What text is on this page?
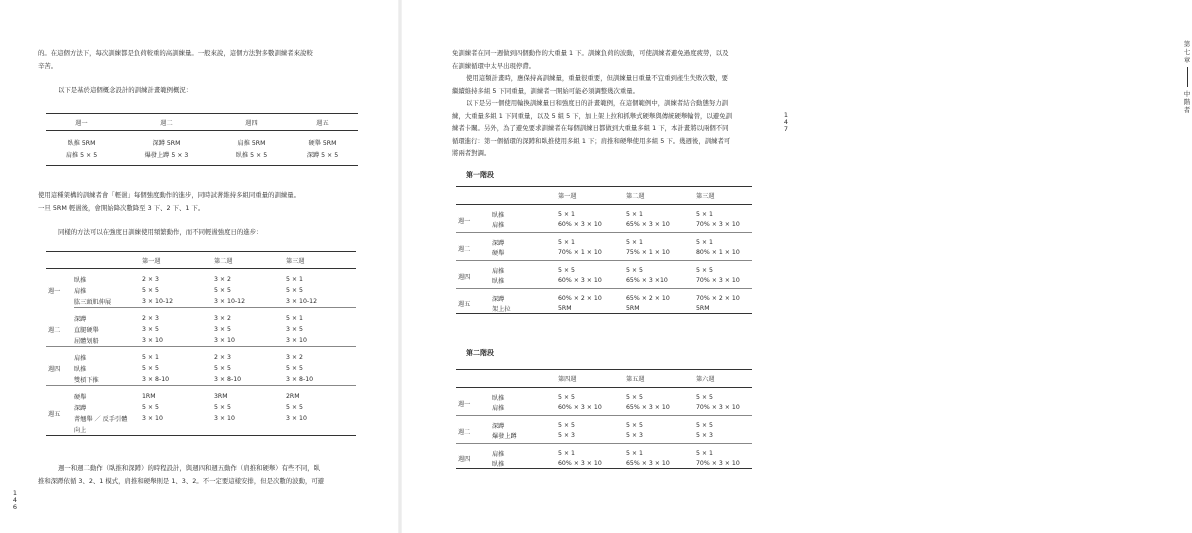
的。在這個方法下，每次訓練都是負荷較重的高訓練量。一般來說，這個方法對多數訓練者來說較
辛苦。

以下是基於這個概念設計的訓練計畫範例概況：

週一	週二	週四	週五
臥推 5RM	深蹲 5RM	肩推 5RM	硬舉 5RM
肩推 5 × 5	爆發上蹲 5 × 3	臥推 5 × 5	深蹲 5 × 5

使用這種架構的訓練者會「輕盪」每個強度動作的進步，同時試著維持多組同重量的訓練量。
一旦 5RM 輕盪後，會開始降次數降至 3 下、2 下、1 下。

同樣的方法可以在強度日訓練使用頻繁動作，而不同輕盪強度日的進步：

		第一週	第二週	第三週
週一	臥推	2 × 3	3 × 2	5 × 1
	肩推	5 × 5	5 × 5	5 × 5
	肱三頭肌伸展	3 × 10-12	3 × 10-12	3 × 10-12
週二	深蹲	2 × 3	3 × 2	5 × 1
	直腿硬舉	3 × 5	3 × 5	3 × 5
	屈體划船	3 × 10	3 × 10	3 × 10
週四	肩推	5 × 1	2 × 3	3 × 2
	臥推	5 × 5	5 × 5	5 × 5
	雙槓下推	3 × 8-10	3 × 8-10	3 × 8-10
週五	硬舉	1RM	3RM	2RM
	深蹲	5 × 5	5 × 5	5 × 5
	菁翹舉 ／ 反手引體	3 × 10	3 × 10	3 × 10
	向上			

週一和週二動作（臥推和深蹲）的時程設計，與週四和週五動作（肩推和硬舉）有些不同，臥
推和深蹲依循 3、2、1 模式，肩推和硬舉則是 1、3、2。不一定要這樣安排，但是次數的波動，可避

1
4
6

免訓練者在同一週做到四個動作的大重量 1 下。訓練負荷的波動，可使訓練者避免過度疲勞，以及
在訓練循環中太早出現停滯。

使用這類計畫時，應保持高訓練量，重量很重要，但訓練量日重量不宜重到產生失敗次數，要
繼續維持多組 5 下同重量，訓練者一開始可能必須調整幾次重量。

以下是另一個使用輪換訓練量日和強度日的計畫範例，在這個範例中，訓練者結合動態努力訓
練，大重量多組 1 下同重量，以及 5 組 5 下，加上架上拉和抓舉式硬舉與傳統硬舉輪替，以避免訓
練者卡關。另外，為了避免要求訓練者在每個訓練日都做到大重量多組 1 下，本計畫將以兩個不同
循環進行：第一個循環的深蹲和臥推使用多組 1 下；肩推和硬舉使用多組 5 下。幾週後，訓練者可
將兩者對調。

第一階段

第二階段

第
七
章
中
階
者
1
4
7
		第一週	第二週	第三週
週一	臥推	5 × 1	5 × 1	5 × 1
	肩推	60% × 3 × 10	65% × 3 × 10	70% × 3 × 10
週二	深蹲	5 × 1	5 × 1	5 × 1
	硬舉	70% × 1 × 10	75% × 1 × 10	80% × 1 × 10
週四	肩推	5 × 5	5 × 5	5 × 5
	臥推	60% × 3 × 10	65% × 3 ×10	70% × 3 × 10
週五	深蹲	60% × 2 × 10	65% × 2 × 10	70% × 2 × 10
	架上拉	5RM	5RM	5RM
		第四週	第五週	第六週
週一	臥推	5 × 5	5 × 5	5 × 5
	肩推	60% × 3 × 10	65% × 3 × 10	70% × 3 × 10
週二	深蹲	5 × 5	5 × 5	5 × 5
	爆發上蹲	5 × 3	5 × 3	5 × 3
週四	肩推	5 × 1	5 × 1	5 × 1
	臥推	60% × 3 × 10	65% × 3 × 10	70% × 3 × 10
